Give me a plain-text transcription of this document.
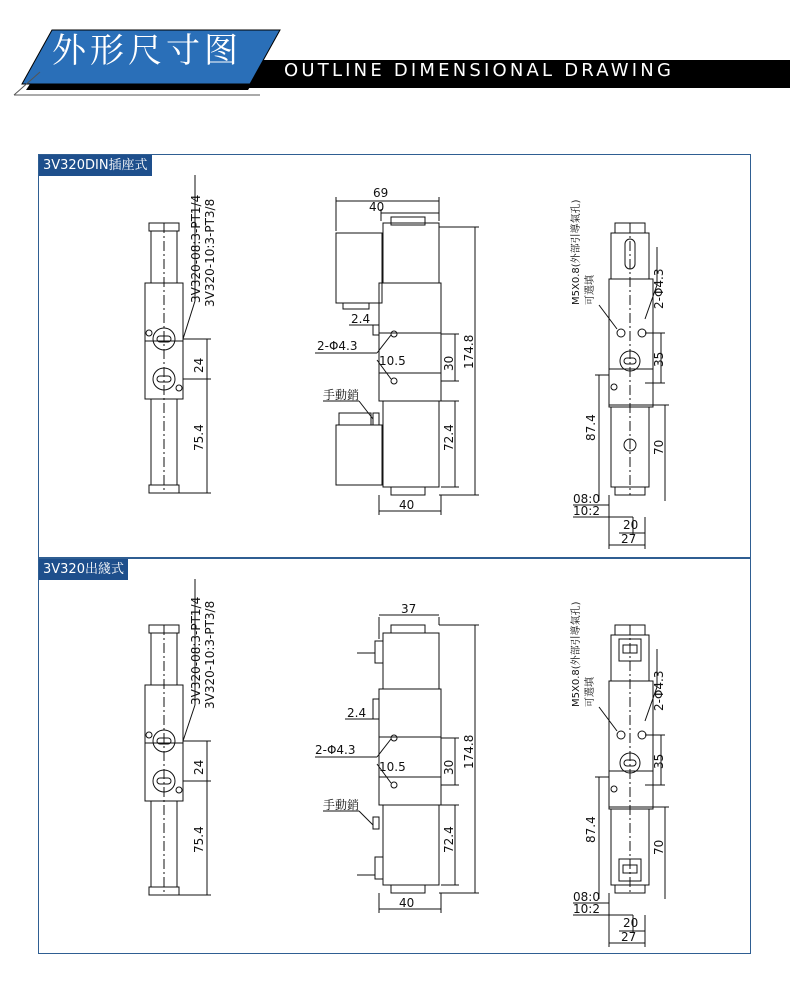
外形尺寸图 OUTLINE DIMENSIONAL DRAWING
3V320DIN插座式
3V320-08:3-PT1/4 3V320-10:3-PT3/8
24
75.4
69
40
2.4
2-Φ4.3
10.5	30 174.8
72.4
手動銷
40
M5X0.8(外部引導氣孔) 可選填	2-Φ4.3
35
87.4
70
08:0
10:2
20
27
3V320出綫式
3V320-08:3-PT1/4 3V320-10:3-PT3/8
24
75.4
37
2.4
2-Φ4.3
10.5	30 174.8
72.4
手動銷
40
M5X0.8(外部引導氣孔) 可選填	2-Φ4.3
35
87.4
70
08:0
10:2
20
27
